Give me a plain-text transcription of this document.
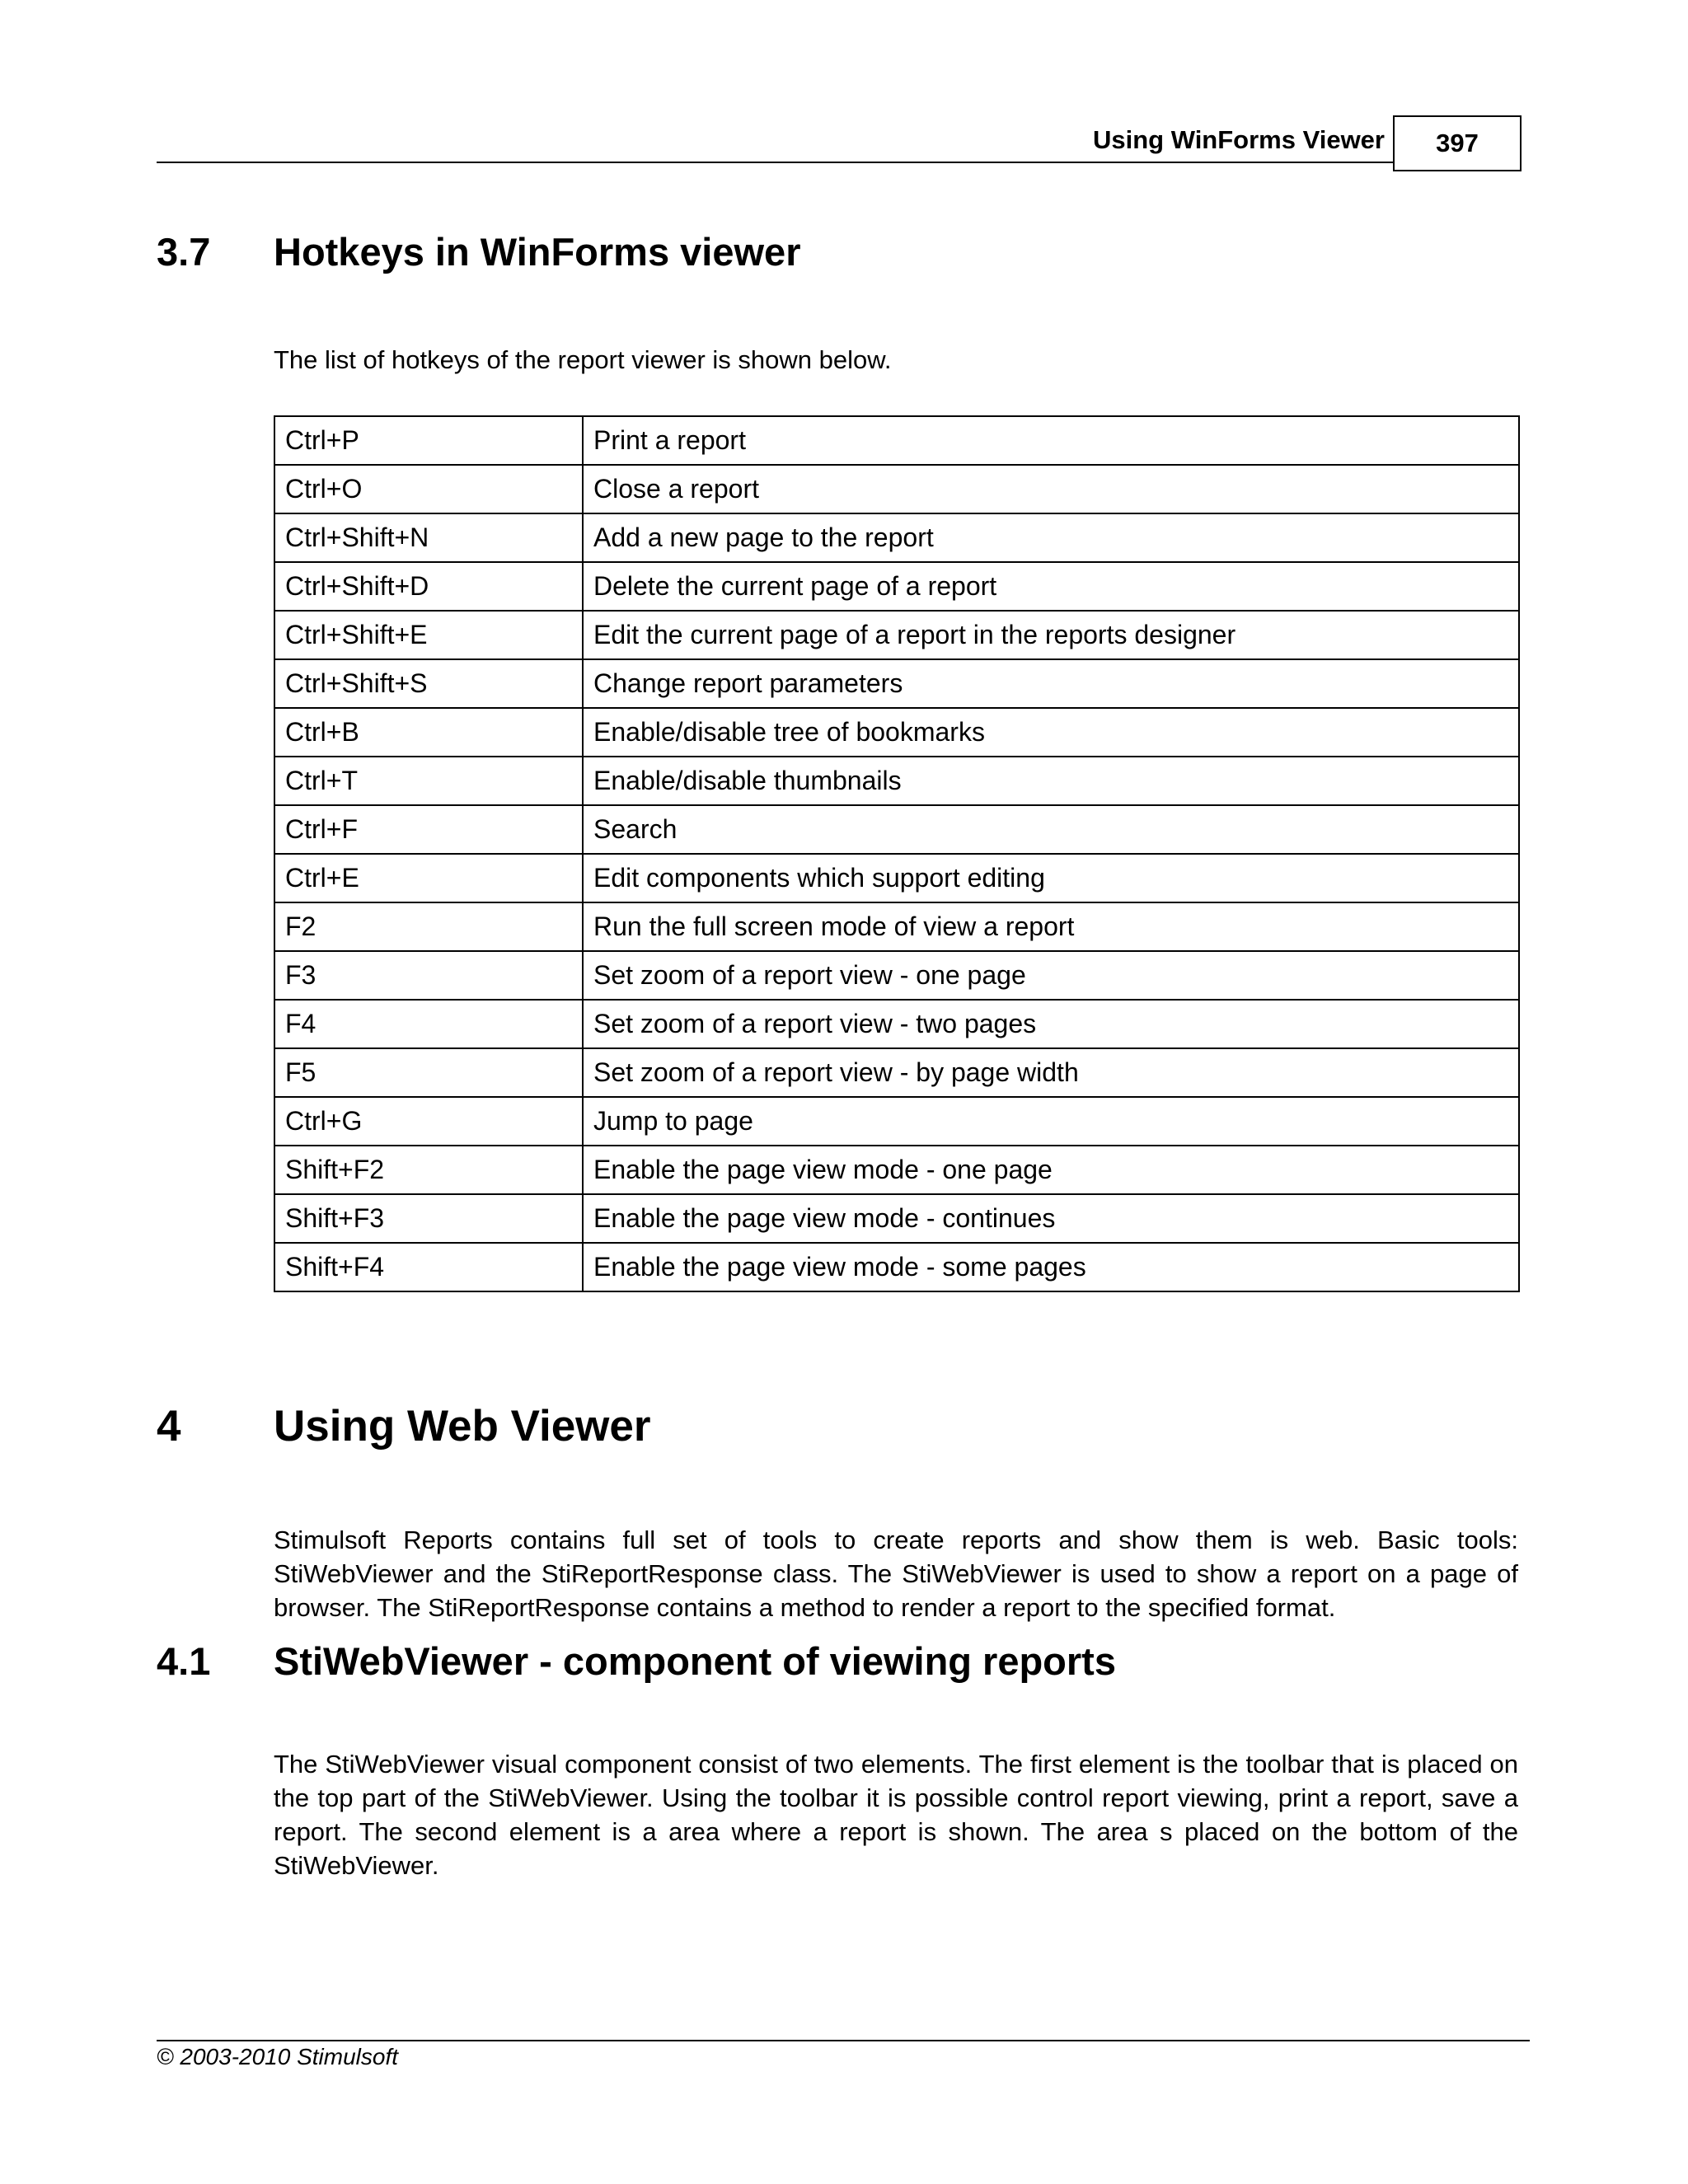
Using WinForms Viewer	397
3.7 Hotkeys in WinForms viewer
The list of hotkeys of the report viewer is shown below.
Ctrl+P	Print a report
Ctrl+O	Close a report
Ctrl+Shift+N	Add a new page to the report
Ctrl+Shift+D	Delete the current page of a report
Ctrl+Shift+E	Edit the current page of a report in the reports designer
Ctrl+Shift+S	Change report parameters
Ctrl+B	Enable/disable tree of bookmarks
Ctrl+T	Enable/disable thumbnails
Ctrl+F	Search
Ctrl+E	Edit components which support editing
F2	Run the full screen mode of view a report
F3	Set zoom of a report view - one page
F4	Set zoom of a report view - two pages
F5	Set zoom of a report view - by page width
Ctrl+G	Jump to page
Shift+F2	Enable the page view mode - one page
Shift+F3	Enable the page view mode - continues
Shift+F4	Enable the page view mode - some pages
4 Using Web Viewer
Stimulsoft Reports contains full set of tools to create reports and show them is web. Basic tools: StiWebViewer and the StiReportResponse class. The StiWebViewer is used to show a report on a page of browser. The StiReportResponse contains a method to render a report to the specified format.
4.1 StiWebViewer - component of viewing reports
The StiWebViewer visual component consist of two elements. The first element is the toolbar that is placed on the top part of the StiWebViewer. Using the toolbar it is possible control report viewing, print a report, save a report. The second element is a area where a report is shown. The area s placed on the bottom of the StiWebViewer.
© 2003-2010 Stimulsoft
